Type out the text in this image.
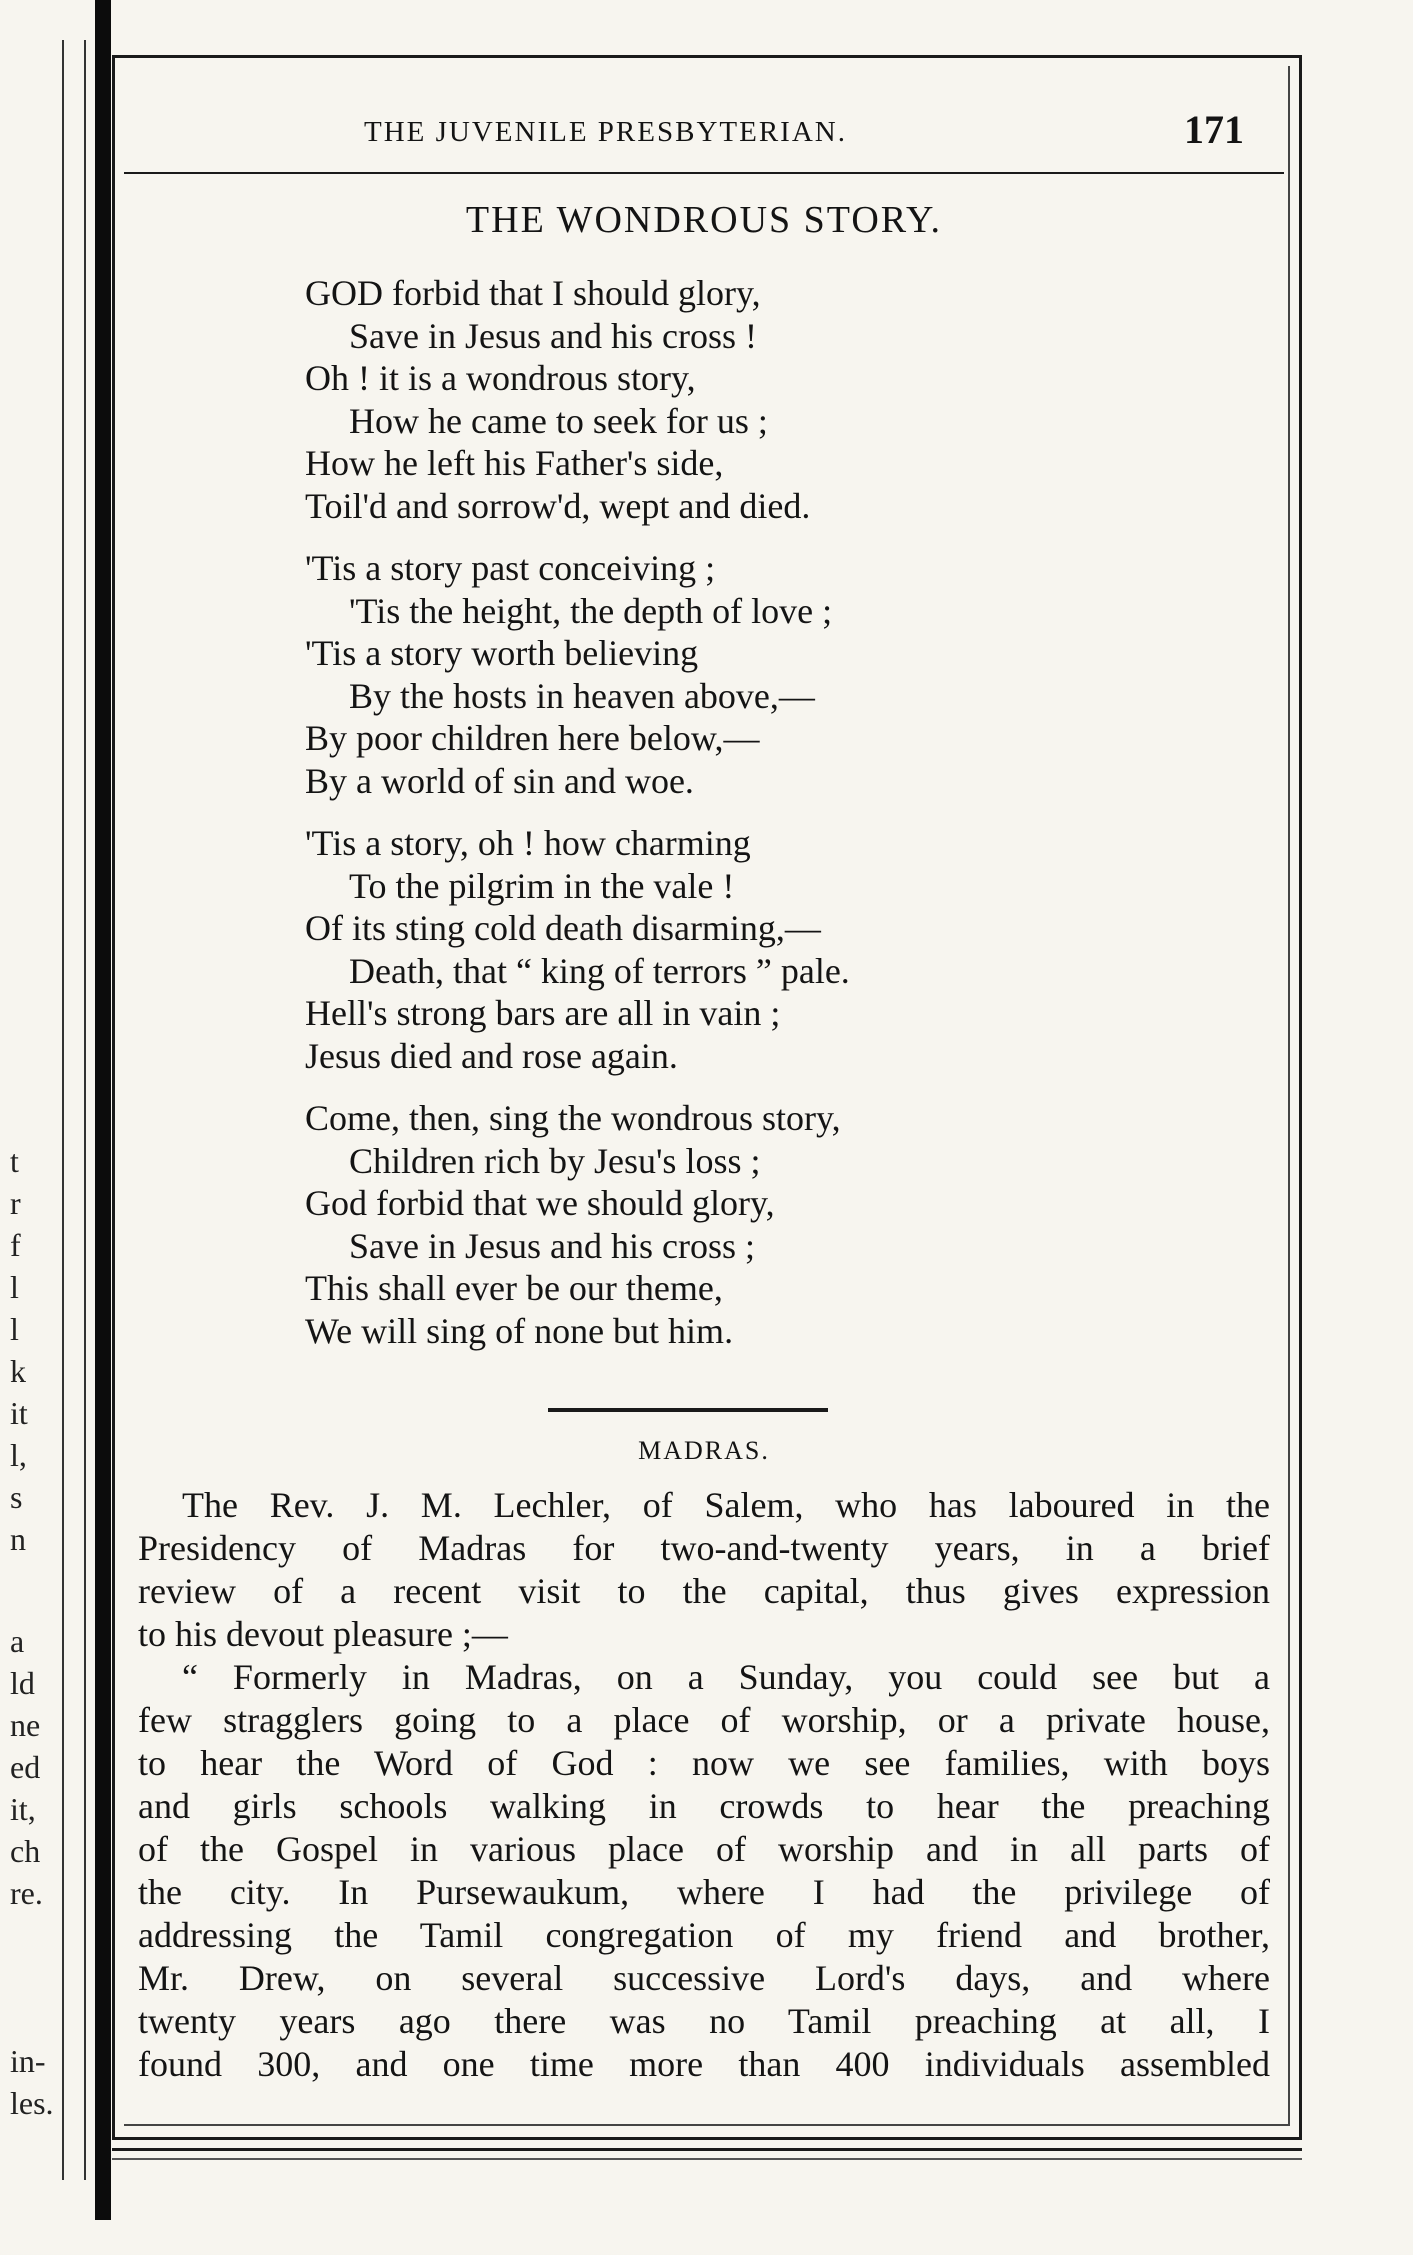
t
r
f
l
l
k
it
l,
s
n
a
ld
ne
ed
it,
ch
re.
in-
les.
THE JUVENILE PRESBYTERIAN.	171
THE WONDROUS STORY.
GOD forbid that I should glory,
Save in Jesus and his cross !
Oh ! it is a wondrous story,
How he came to seek for us ;
How he left his Father's side,
Toil'd and sorrow'd, wept and died.
'Tis a story past conceiving ;
'Tis the height, the depth of love ;
'Tis a story worth believing
By the hosts in heaven above,—
By poor children here below,—
By a world of sin and woe.
'Tis a story, oh ! how charming
To the pilgrim in the vale !
Of its sting cold death disarming,—
Death, that “ king of terrors ” pale.
Hell's strong bars are all in vain ;
Jesus died and rose again.
Come, then, sing the wondrous story,
Children rich by Jesu's loss ;
God forbid that we should glory,
Save in Jesus and his cross ;
This shall ever be our theme,
We will sing of none but him.
MADRAS.
The Rev. J. M. Lechler, of Salem, who has laboured in the
Presidency of Madras for two-and-twenty years, in a brief
review of a recent visit to the capital, thus gives expression
to his devout pleasure ;—
“ Formerly in Madras, on a Sunday, you could see but a
few stragglers going to a place of worship, or a private house,
to hear the Word of God : now we see families, with boys
and girls schools walking in crowds to hear the preaching
of the Gospel in various place of worship and in all parts of
the city. In Pursewaukum, where I had the privilege of
addressing the Tamil congregation of my friend and brother,
Mr. Drew, on several successive Lord's days, and where
twenty years ago there was no Tamil preaching at all, I
found 300, and one time more than 400 individuals assembled
